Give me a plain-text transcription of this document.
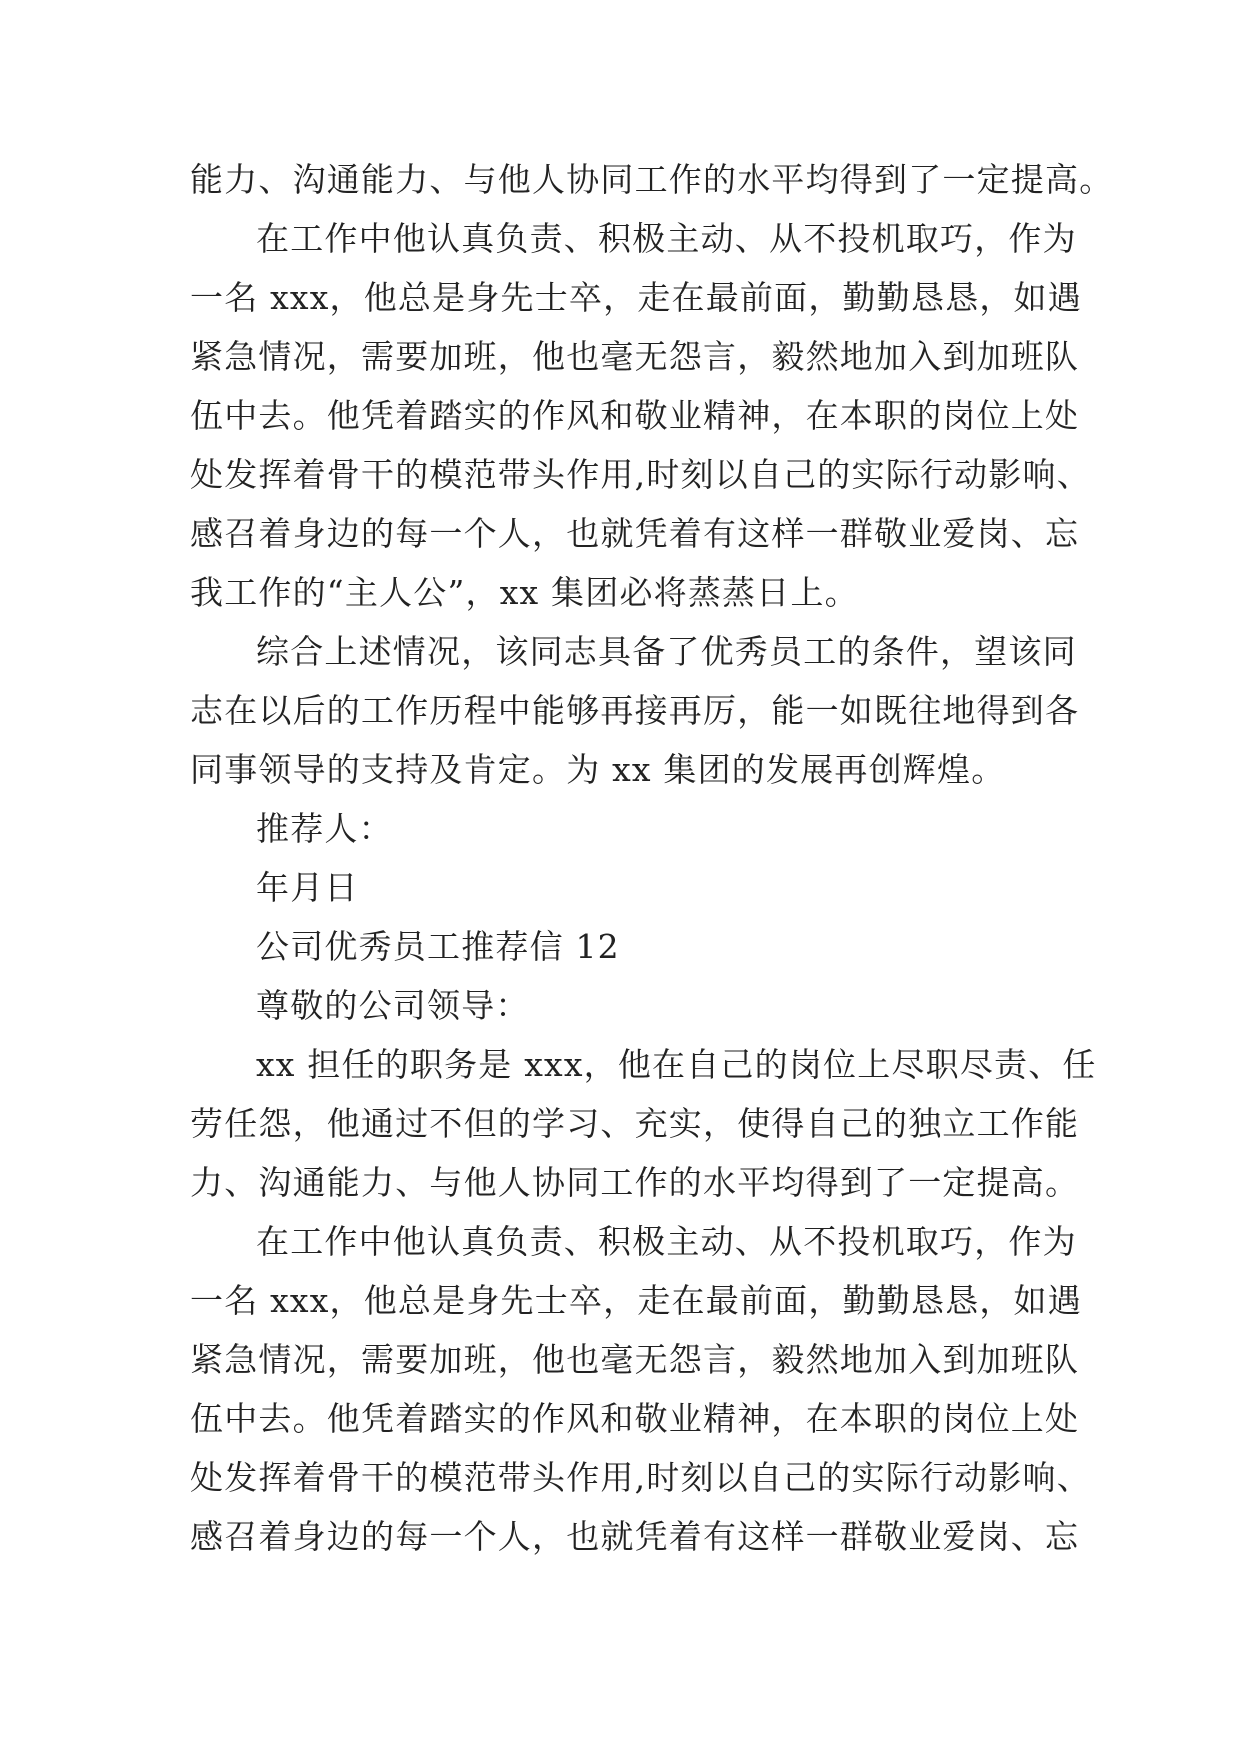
能力、沟通能力、与他人协同工作的水平均得到了一定提高。
在工作中他认真负责、积极主动、从不投机取巧，作为
一名 xxx，他总是身先士卒，走在最前面，勤勤恳恳，如遇
紧急情况，需要加班，他也毫无怨言，毅然地加入到加班队
伍中去。他凭着踏实的作风和敬业精神，在本职的岗位上处
处发挥着骨干的模范带头作用,时刻以自己的实际行动影响、
感召着身边的每一个人，也就凭着有这样一群敬业爱岗、忘
我工作的“主人公”，xx 集团必将蒸蒸日上。
综合上述情况，该同志具备了优秀员工的条件，望该同
志在以后的工作历程中能够再接再厉，能一如既往地得到各
同事领导的支持及肯定。为 xx 集团的发展再创辉煌。
推荐人：
年月日
公司优秀员工推荐信 12
尊敬的公司领导：
xx 担任的职务是 xxx，他在自己的岗位上尽职尽责、任
劳任怨，他通过不但的学习、充实，使得自己的独立工作能
力、沟通能力、与他人协同工作的水平均得到了一定提高。
在工作中他认真负责、积极主动、从不投机取巧，作为
一名 xxx，他总是身先士卒，走在最前面，勤勤恳恳，如遇
紧急情况，需要加班，他也毫无怨言，毅然地加入到加班队
伍中去。他凭着踏实的作风和敬业精神，在本职的岗位上处
处发挥着骨干的模范带头作用,时刻以自己的实际行动影响、
感召着身边的每一个人，也就凭着有这样一群敬业爱岗、忘
